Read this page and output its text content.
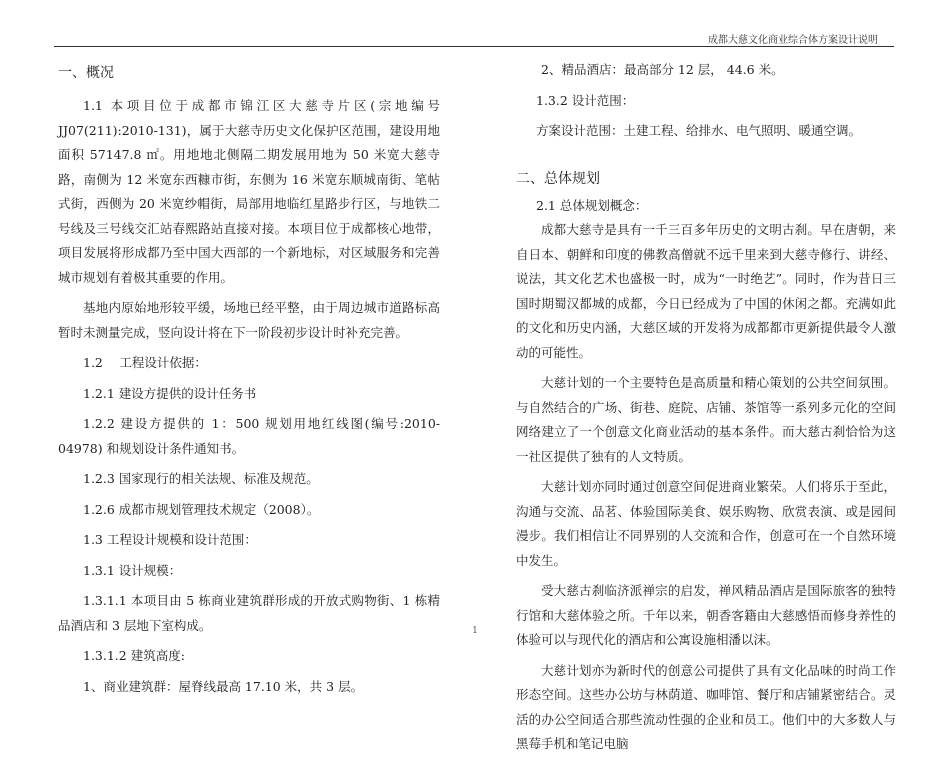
成都大慈文化商业综合体方案设计说明

一、概况

1.1 本项目位于成都市锦江区大慈寺片区(宗地编号 JJ07(211):2010-131)，属于大慈寺历史文化保护区范围，建设用地面积 57147.8 ㎡。用地地北侧隔二期发展用地为 50 米宽大慈寺路，南侧为 12 米宽东西糠市街，东侧为 16 米宽东顺城南街、笔帖式街，西侧为 20 米宽纱帽街，局部用地临红星路步行区，与地铁二号线及三号线交汇站春熙路站直接对接。本项目位于成都核心地带，项目发展将形成都乃至中国大西部的一个新地标，对区域服务和完善城市规划有着极其重要的作用。

基地内原始地形较平缓，场地已经平整，由于周边城市道路标高暂时未测量完成，竖向设计将在下一阶段初步设计时补充完善。

1.2　 工程设计依据：

1.2.1 建设方提供的设计任务书

1.2.2 建设方提供的 1：500 规划用地红线图(编号:2010-04978) 和规划设计条件通知书。

1.2.3 国家现行的相关法规、标准及规范。

1.2.6 成都市规划管理技术规定（2008）。

1.3 工程设计规模和设计范围：

1.3.1 设计规模：

1.3.1.1 本项目由 5 栋商业建筑群形成的开放式购物街、1 栋精品酒店和 3 层地下室构成。

1.3.1.2 建筑高度:

1、商业建筑群：屋脊线最高 17.10 米，共 3 层。

2、精品酒店：最高部分 12 层， 44.6 米。

1.3.2 设计范围：

方案设计范围：土建工程、给排水、电气照明、暖通空调。

二、总体规划

2.1 总体规划概念：

成都大慈寺是具有一千三百多年历史的文明古刹。早在唐朝，来自日本、朝鲜和印度的佛教高僧就不远千里来到大慈寺修行、讲经、说法，其文化艺术也盛极一时，成为“一时绝艺”。同时，作为昔日三国时期蜀汉都城的成都，今日已经成为了中国的休闲之都。充满如此的文化和历史内涵，大慈区域的开发将为成都都市更新提供最令人激动的可能性。

大慈计划的一个主要特色是高质量和精心策划的公共空间氛围。与自然结合的广场、街巷、庭院、店铺、茶馆等一系列多元化的空间网络建立了一个创意文化商业活动的基本条件。而大慈古刹恰恰为这一社区提供了独有的人文特质。

大慈计划亦同时通过创意空间促进商业繁荣。人们将乐于至此，沟通与交流、品茗、体验国际美食、娱乐购物、欣赏表演、或是园间漫步。我们相信让不同界别的人交流和合作，创意可在一个自然环境中发生。

受大慈古刹临济派禅宗的启发，禅风精品酒店是国际旅客的独特行馆和大慈体验之所。千年以来，朝香客籍由大慈感悟而修身养性的体验可以与现代化的酒店和公寓设施相潘以沫。

大慈计划亦为新时代的创意公司提供了具有文化品味的时尚工作形态空间。这些办公坊与林荫道、咖啡馆、餐厅和店铺紧密结合。灵活的办公空间适合那些流动性强的企业和员工。他们中的大多数人与黑莓手机和笔记电脑

1
